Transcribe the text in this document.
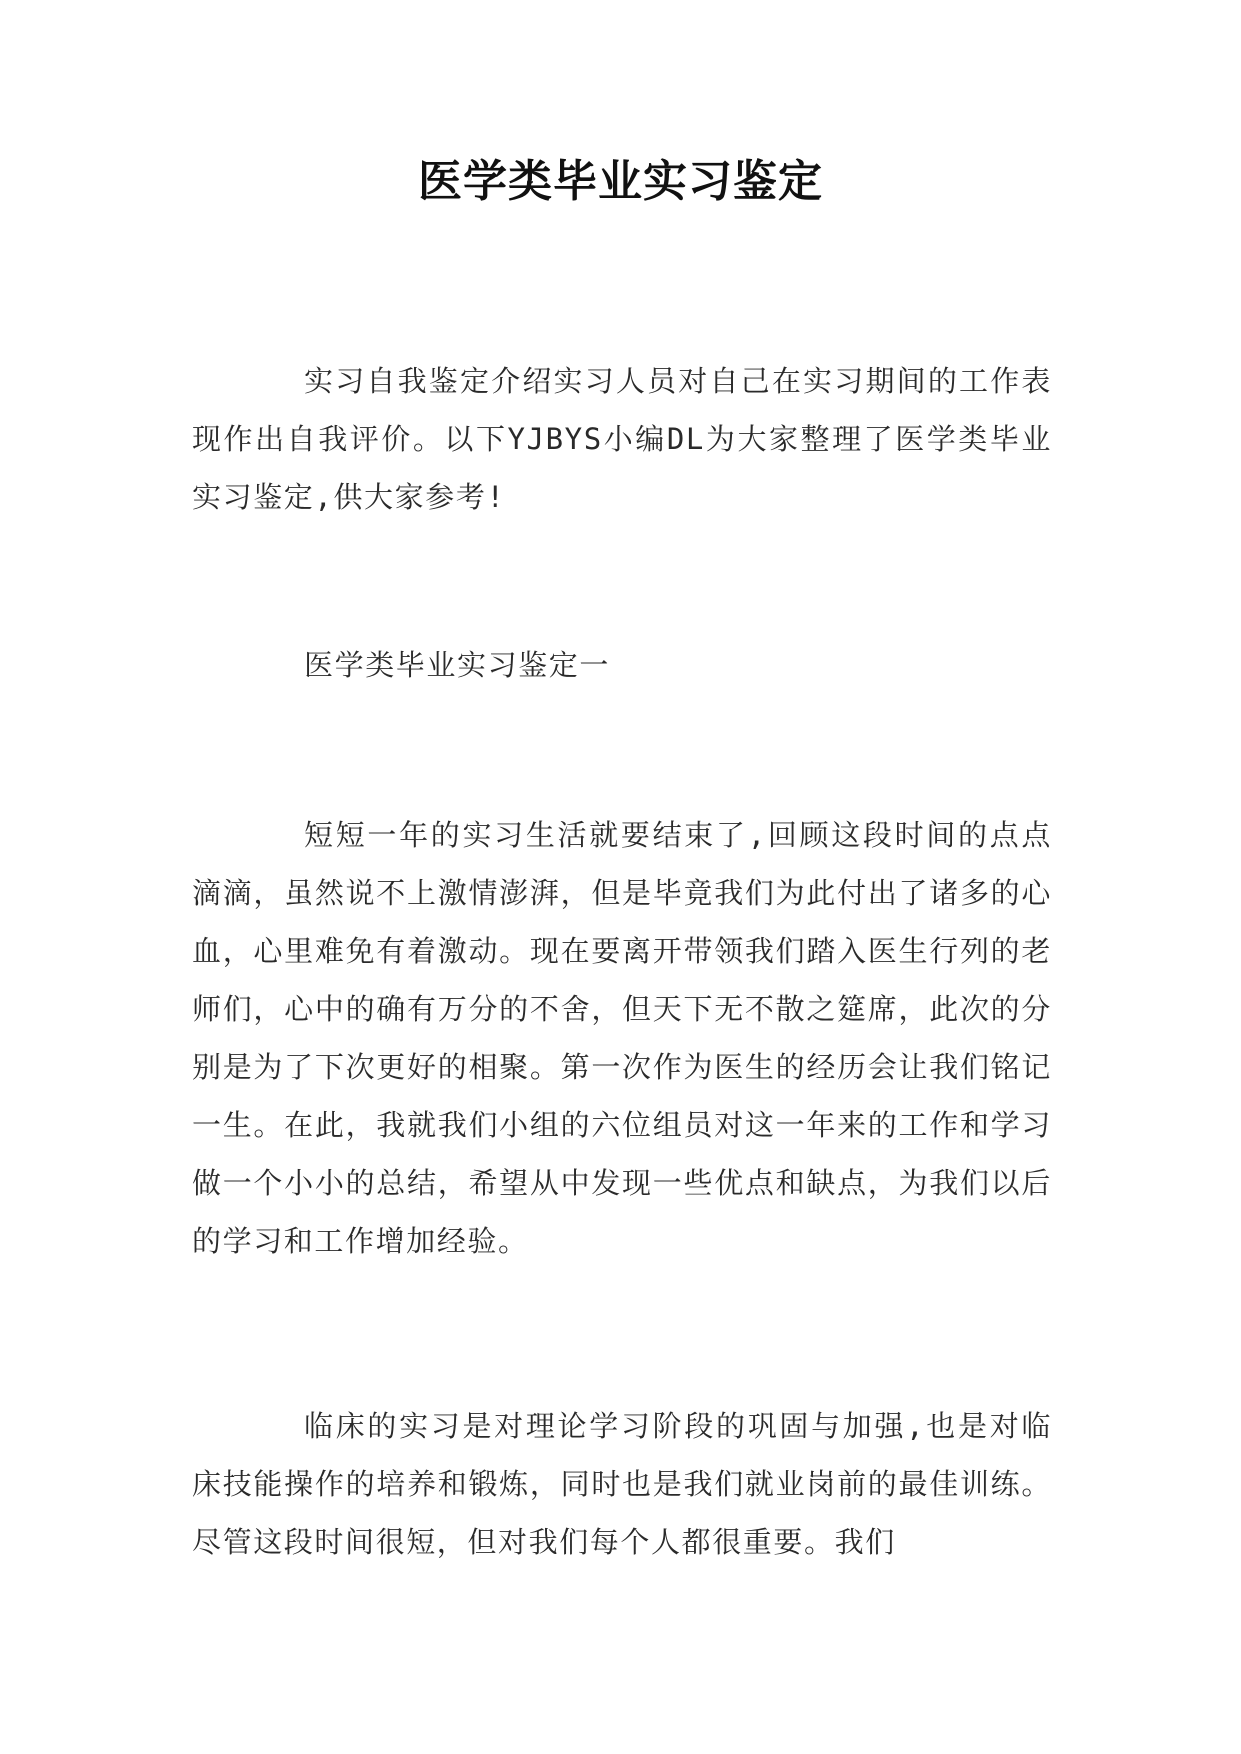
医学类毕业实习鉴定

实习自我鉴定介绍实习人员对自己在实习期间的工作表现作出自我评价。以下YJBYS小编DL为大家整理了医学类毕业实习鉴定,供大家参考!

医学类毕业实习鉴定一

短短一年的实习生活就要结束了,回顾这段时间的点点滴滴，虽然说不上激情澎湃，但是毕竟我们为此付出了诸多的心血，心里难免有着激动。现在要离开带领我们踏入医生行列的老师们，心中的确有万分的不舍，但天下无不散之筵席，此次的分别是为了下次更好的相聚。第一次作为医生的经历会让我们铭记一生。在此，我就我们小组的六位组员对这一年来的工作和学习做一个小小的总结，希望从中发现一些优点和缺点，为我们以后的学习和工作增加经验。

临床的实习是对理论学习阶段的巩固与加强,也是对临床技能操作的培养和锻炼，同时也是我们就业岗前的最佳训练。尽管这段时间很短，但对我们每个人都很重要。我们
